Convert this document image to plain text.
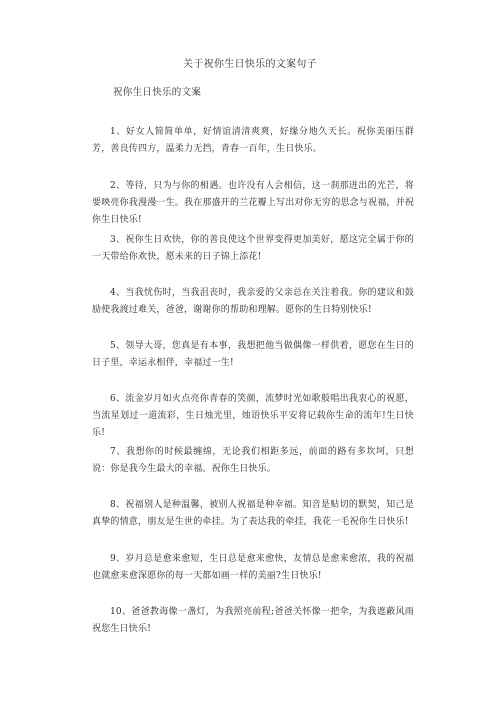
关于祝你生日快乐的文案句子
祝你生日快乐的文案

1、好女人简简单单，好情谊清清爽爽，好缘分地久天长。祝你美丽压群芳，善良传四方，温柔力无挡，青春一百年，生日快乐。

2、等待，只为与你的相遇。也许没有人会相信，这一刹那迸出的光芒，将要映亮你我漫漫一生。我在那盛开的兰花瓣上写出对你无穷的思念与祝福，并祝你生日快乐!

3、祝你生日欢快，你的善良使这个世界变得更加美好，愿这完全属于你的一天带给你欢快，愿未来的日子锦上添花!

4、当我忧伤时，当我沮丧时，我亲爱的父亲总在关注着我。你的建议和鼓励使我渡过难关，爸爸，谢谢你的帮助和理解。愿你的生日特别快乐!

5、领导大哥，您真是有本事，我想把他当做偶像一样供着，愿您在生日的日子里，幸运永相伴，幸福过一生!

6、流金岁月如火点亮你青春的笑颜，流梦时光如歌般唱出我衷心的祝愿，当流星划过一道流彩，生日烛光里，烛语快乐平安将记载你生命的流年!生日快乐!

7、我想你的时候最缠绵，无论我们相距多远，前面的路有多坎坷，只想说：你是我今生最大的幸福。祝你生日快乐。

8、祝福别人是种温馨，被别人祝福是种幸福。知音是贴切的默契，知己是真挚的情意，朋友是生世的牵挂。为了表达我的牵挂，我花一毛祝你生日快乐!

9、岁月总是愈来愈短，生日总是愈来愈快，友情总是愈来愈浓，我的祝福也就愈来愈深愿你的每一天都如画一样的美丽?生日快乐!

10、爸爸教诲像一盏灯，为我照亮前程;爸爸关怀像一把伞，为我遮蔽风雨祝您生日快乐!
